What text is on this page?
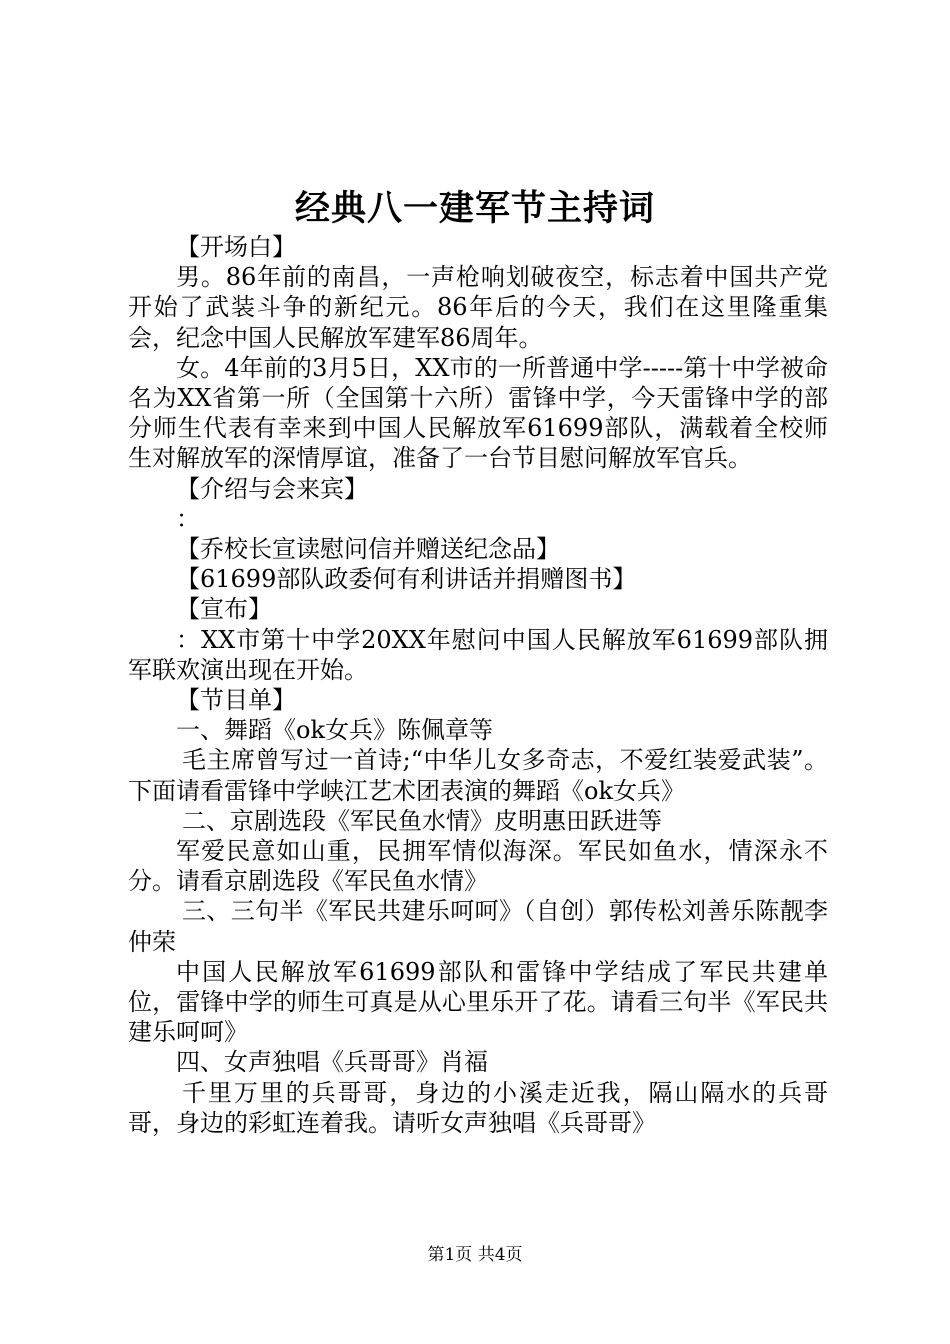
经典八一建军节主持词

【开场白】

男。86年前的南昌，一声枪响划破夜空，标志着中国共产党开始了武装斗争的新纪元。86年后的今天，我们在这里隆重集会，纪念中国人民解放军建军86周年。

女。4年前的3月5日，XX市的一所普通中学-----第十中学被命名为XX省第一所（全国第十六所）雷锋中学，今天雷锋中学的部分师生代表有幸来到中国人民解放军61699部队，满载着全校师生对解放军的深情厚谊，准备了一台节目慰问解放军官兵。

【介绍与会来宾】

：

【乔校长宣读慰问信并赠送纪念品】

【61699部队政委何有利讲话并捐赠图书】

【宣布】

：XX市第十中学20XX年慰问中国人民解放军61699部队拥军联欢演出现在开始。

【节目单】

一、舞蹈《ok女兵》陈佩章等

毛主席曾写过一首诗;“中华儿女多奇志，不爱红装爱武装”。下面请看雷锋中学峡江艺术团表演的舞蹈《ok女兵》

二、京剧选段《军民鱼水情》皮明惠田跃进等

军爱民意如山重，民拥军情似海深。军民如鱼水，情深永不分。请看京剧选段《军民鱼水情》

三、三句半《军民共建乐呵呵》（自创）郭传松刘善乐陈靓李仲荣

中国人民解放军61699部队和雷锋中学结成了军民共建单位，雷锋中学的师生可真是从心里乐开了花。请看三句半《军民共建乐呵呵》

四、女声独唱《兵哥哥》肖福

千里万里的兵哥哥，身边的小溪走近我，隔山隔水的兵哥哥，身边的彩虹连着我。请听女声独唱《兵哥哥》

第1页 共4页
